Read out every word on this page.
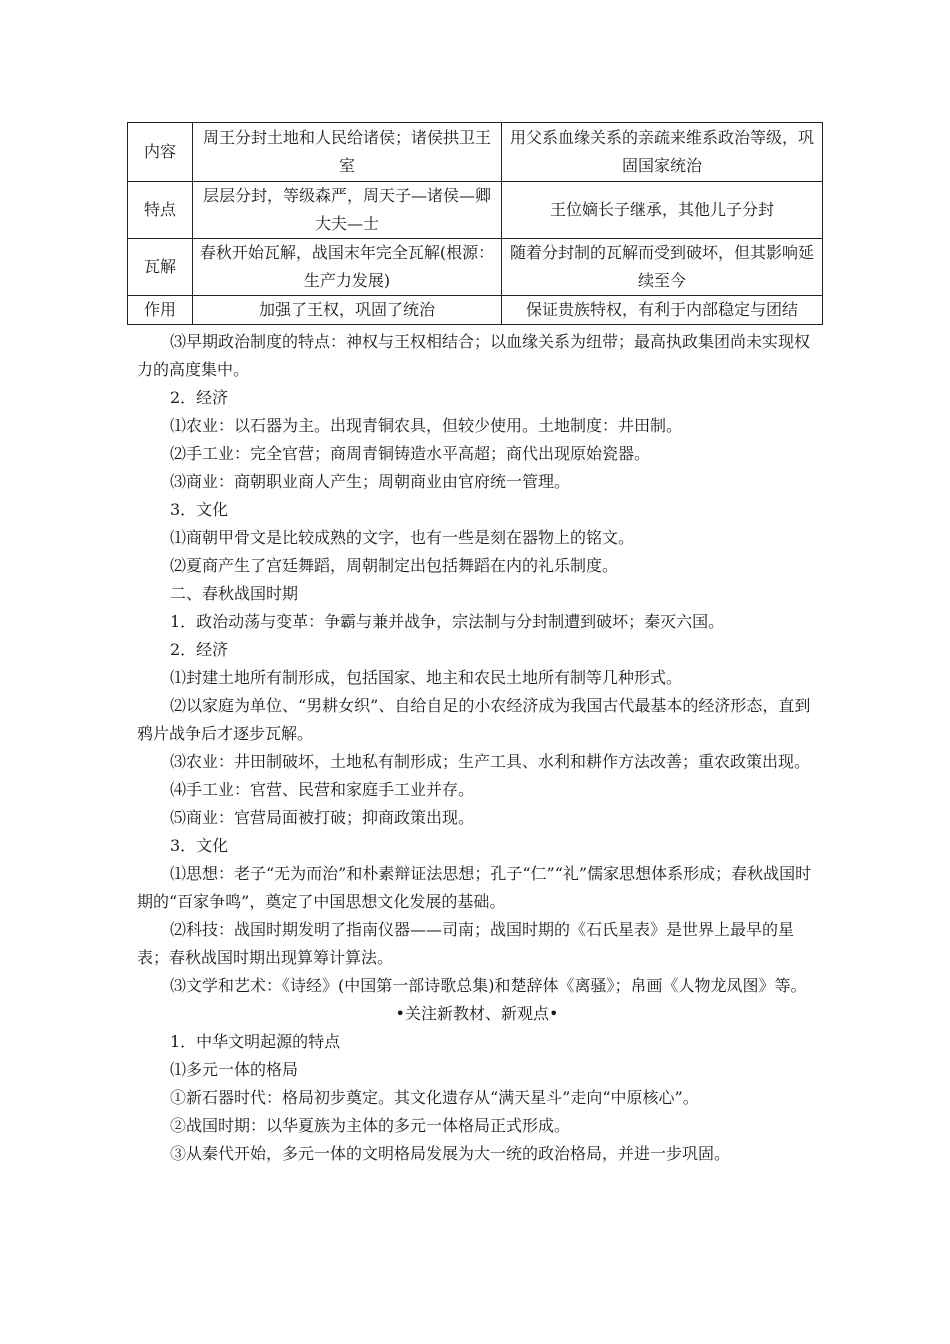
内容	周王分封土地和人民给诸侯；诸侯拱卫王室	用父系血缘关系的亲疏来维系政治等级，巩固国家统治
特点	层层分封，等级森严，周天子—诸侯—卿大夫—士	王位嫡长子继承，其他儿子分封
瓦解	春秋开始瓦解，战国末年完全瓦解(根源：生产力发展)	随着分封制的瓦解而受到破坏，但其影响延续至今
作用	加强了王权，巩固了统治	保证贵族特权，有利于内部稳定与团结

⑶早期政治制度的特点：神权与王权相结合；以血缘关系为纽带；最高执政集团尚未实现权力的高度集中。

2．经济

⑴农业：以石器为主。出现青铜农具，但较少使用。土地制度：井田制。

⑵手工业：完全官营；商周青铜铸造水平高超；商代出现原始瓷器。

⑶商业：商朝职业商人产生；周朝商业由官府统一管理。

3．文化

⑴商朝甲骨文是比较成熟的文字，也有一些是刻在器物上的铭文。

⑵夏商产生了宫廷舞蹈，周朝制定出包括舞蹈在内的礼乐制度。

二、春秋战国时期

1．政治动荡与变革：争霸与兼并战争，宗法制与分封制遭到破坏；秦灭六国。

2．经济

⑴封建土地所有制形成，包括国家、地主和农民土地所有制等几种形式。

⑵以家庭为单位、“男耕女织”、自给自足的小农经济成为我国古代最基本的经济形态，直到鸦片战争后才逐步瓦解。

⑶农业：井田制破坏，土地私有制形成；生产工具、水利和耕作方法改善；重农政策出现。

⑷手工业：官营、民营和家庭手工业并存。

⑸商业：官营局面被打破；抑商政策出现。

3．文化

⑴思想：老子“无为而治”和朴素辩证法思想；孔子“仁”“礼”儒家思想体系形成；春秋战国时期的“百家争鸣”，奠定了中国思想文化发展的基础。

⑵科技：战国时期发明了指南仪器——司南；战国时期的《石氏星表》是世界上最早的星表；春秋战国时期出现算筹计算法。

⑶文学和艺术：《诗经》(中国第一部诗歌总集)和楚辞体《离骚》；帛画《人物龙凤图》等。

•关注新教材、新观点•

1．中华文明起源的特点

⑴多元一体的格局

①新石器时代：格局初步奠定。其文化遗存从“满天星斗”走向“中原核心”。

②战国时期：以华夏族为主体的多元一体格局正式形成。

③从秦代开始，多元一体的文明格局发展为大一统的政治格局，并进一步巩固。
